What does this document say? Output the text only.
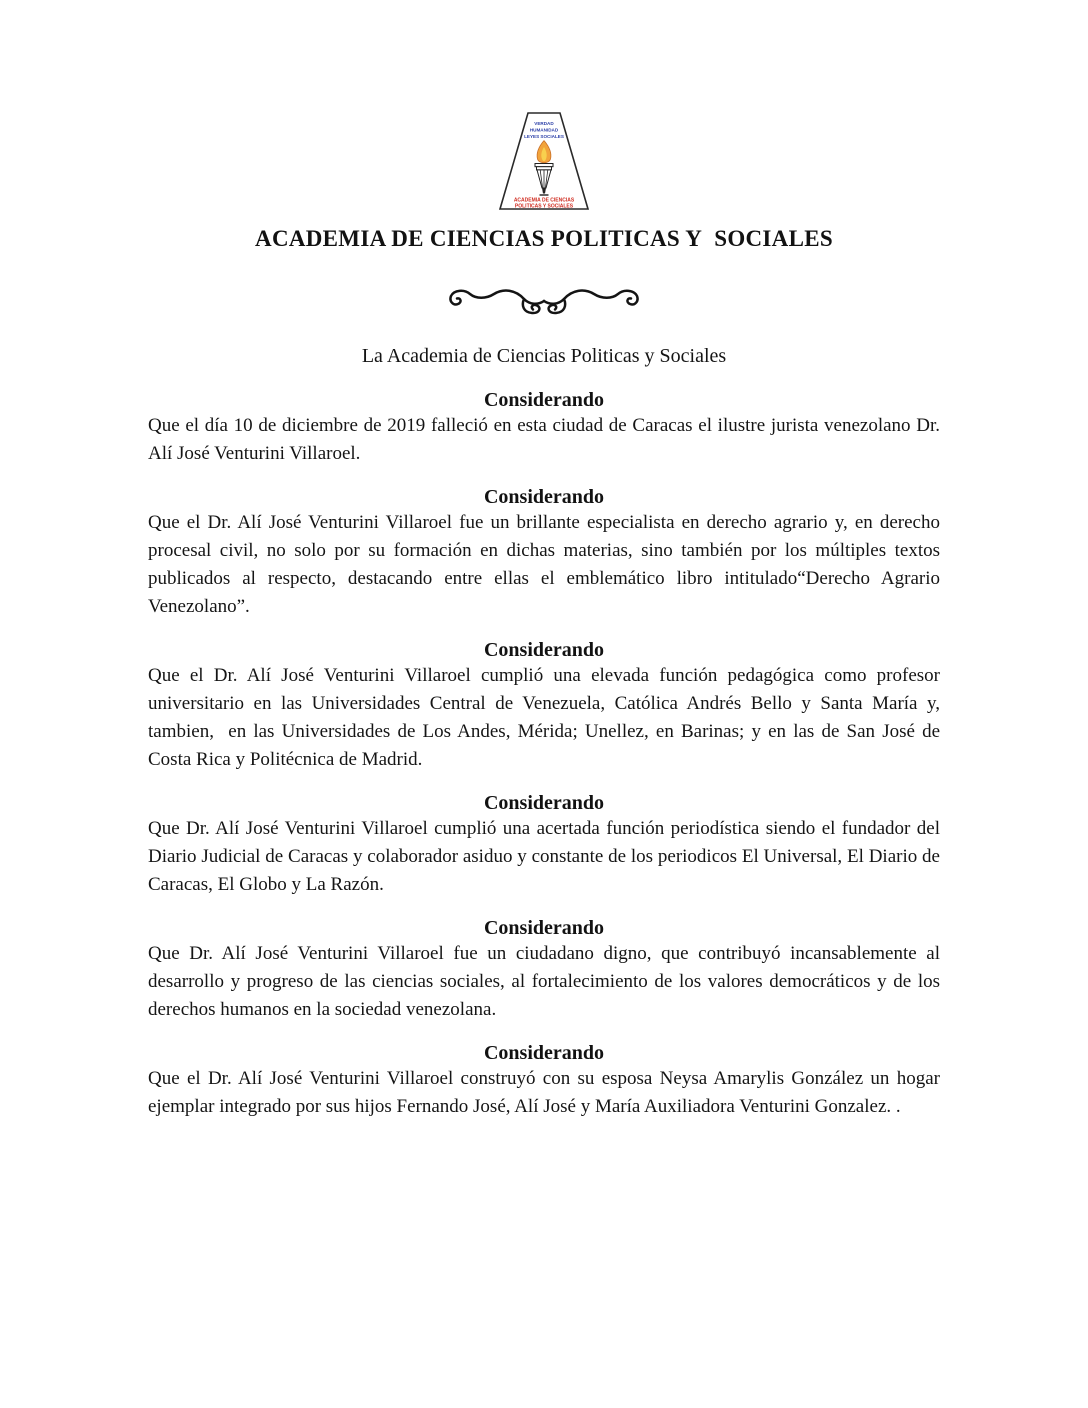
VERDAD
HUMANIDAD
LEYES SOCIALES
ACADEMIA DE CIENCIAS
POLITICAS Y SOCIALES
ACADEMIA DE CIENCIAS POLITICAS Y  SOCIALES
La Academia de Ciencias Politicas y Sociales
Considerando

Que el día 10 de diciembre de 2019 falleció en esta ciudad de Caracas el ilustre jurista venezolano Dr. Alí José Venturini Villaroel.

Considerando

Que el Dr. Alí José Venturini Villaroel fue un brillante especialista en derecho agrario y, en derecho procesal civil, no solo por su formación en dichas materias, sino también por los múltiples textos publicados al respecto, destacando entre ellas el emblemático libro intitulado“Derecho Agrario Venezolano”.

Considerando

Que el Dr. Alí José Venturini Villaroel cumplió una elevada función pedagógica como profesor universitario en las Universidades Central de Venezuela, Católica Andrés Bello y Santa María y, tambien,  en las Universidades de Los Andes, Mérida; Unellez, en Barinas; y en las de San José de Costa Rica y Politécnica de Madrid.

Considerando

Que Dr. Alí José Venturini Villaroel cumplió una acertada función periodística siendo el fundador del Diario Judicial de Caracas y colaborador asiduo y constante de los periodicos El Universal, El Diario de Caracas, El Globo y La Razón.

Considerando

Que Dr. Alí José Venturini Villaroel fue un ciudadano digno, que contribuyó incansablemente al desarrollo y progreso de las ciencias sociales, al fortalecimiento de los valores democráticos y de los derechos humanos en la sociedad venezolana.

Considerando

Que el Dr. Alí José Venturini Villaroel construyó con su esposa Neysa Amarylis González un hogar ejemplar integrado por sus hijos Fernando José, Alí José y María Auxiliadora Venturini Gonzalez. .
